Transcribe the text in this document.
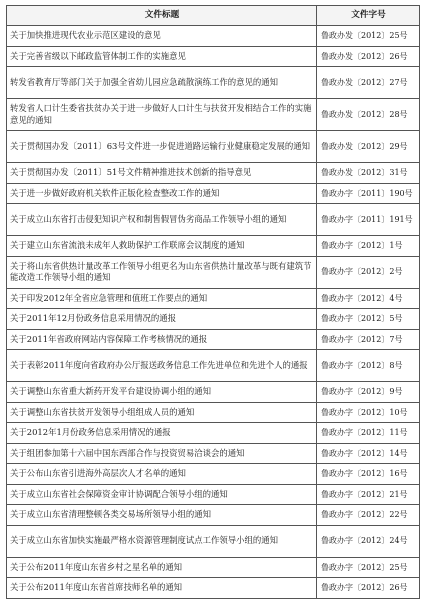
文件标题	文件字号
关于加快推进现代农业示范区建设的意见	鲁政办发〔2012〕25号
关于完善省级以下邮政监管体制工作的实施意见	鲁政办发〔2012〕26号
转发省教育厅等部门关于加强全省幼儿园应急疏散演练工作的意见的通知	鲁政办发〔2012〕27号
转发省人口计生委省扶贫办关于进一步做好人口计生与扶贫开发相结合工作的实施意见的通知	鲁政办发〔2012〕28号
关于贯彻国办发〔2011〕63号文件进一步促进道路运输行业健康稳定发展的通知	鲁政办发〔2012〕29号
关于贯彻国办发〔2011〕51号文件精神推进技术创新的指导意见	鲁政办发〔2012〕31号
关于进一步做好政府机关软件正版化检查整改工作的通知	鲁政办字〔2011〕190号
关于成立山东省打击侵犯知识产权和制售假冒伪劣商品工作领导小组的通知	鲁政办字〔2011〕191号
关于建立山东省流浪未成年人救助保护工作联席会议制度的通知	鲁政办字〔2012〕1号
关于将山东省供热计量改革工作领导小组更名为山东省供热计量改革与既有建筑节能改造工作领导小组的通知	鲁政办字〔2012〕2号
关于印发2012年全省应急管理和值班工作要点的通知	鲁政办字〔2012〕4号
关于2011年12月份政务信息采用情况的通报	鲁政办字〔2012〕5号
关于2011年省政府网站内容保障工作考核情况的通报	鲁政办字〔2012〕7号
关于表彰2011年度向省政府办公厅报送政务信息工作先进单位和先进个人的通报	鲁政办字〔2012〕8号
关于调整山东省重大新药开发平台建设协调小组的通知	鲁政办字〔2012〕9号
关于调整山东省扶贫开发领导小组组成人员的通知	鲁政办字〔2012〕10号
关于2012年1月份政务信息采用情况的通报	鲁政办字〔2012〕11号
关于组团参加第十六届中国东西部合作与投资贸易洽谈会的通知	鲁政办字〔2012〕14号
关于公布山东省引进海外高层次人才名单的通知	鲁政办字〔2012〕16号
关于成立山东省社会保障资金审计协调配合领导小组的通知	鲁政办字〔2012〕21号
关于成立山东省清理整顿各类交易场所领导小组的通知	鲁政办字〔2012〕22号
关于成立山东省加快实施最严格水资源管理制度试点工作领导小组的通知	鲁政办字〔2012〕24号
关于公布2011年度山东省乡村之星名单的通知	鲁政办字〔2012〕25号
关于公布2011年度山东省首席技师名单的通知	鲁政办字〔2012〕26号
